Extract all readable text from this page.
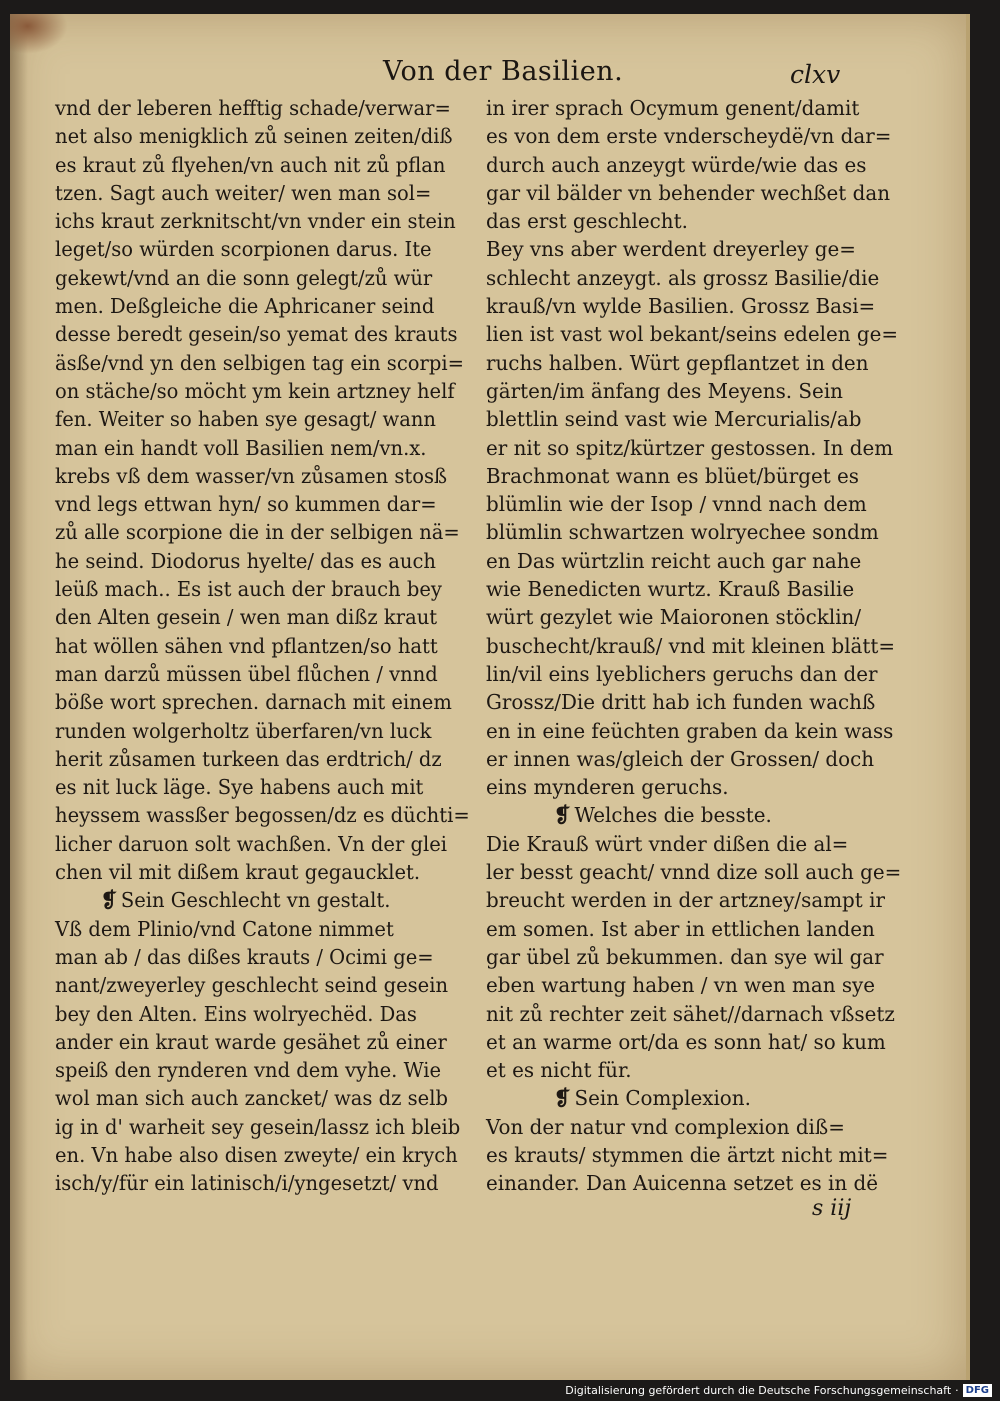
Von der Basilien.	clxv
vnd der leberen hefftig schade/verwar=
net also menigklich zů seinen zeiten/diß
es kraut zů flyehen/vn auch nit zů pflan
tzen. Sagt auch weiter/ wen man sol=
ichs kraut zerknitscht/vn vnder ein stein
leget/so würden scorpionen darus. Ite
gekewt/vnd an die sonn gelegt/zů wür
men. Deßgleiche die Aphricaner seind
desse beredt gesein/so yemat des krauts
äsße/vnd yn den selbigen tag ein scorpi=
on stäche/so möcht ym kein artzney helf
fen. Weiter so haben sye gesagt/ wann
man ein handt voll Basilien nem/vn.x.
krebs vß dem wasser/vn zůsamen stosß
vnd legs ettwan hyn/ so kummen dar=
zů alle scorpione die in der selbigen nä=
he seind. Diodorus hyelte/ das es auch
leüß mach.. Es ist auch der brauch bey
den Alten gesein / wen man dißz kraut
hat wöllen sähen vnd pflantzen/so hatt
man darzů müssen übel flůchen / vnnd
böße wort sprechen. darnach mit einem
runden wolgerholtz überfaren/vn luck
herit zůsamen turkeen das erdtrich/ dz
es nit luck läge. Sye habens auch mit
heyssem wassßer begossen/dz es düchti=
licher daruon solt wachßen. Vn der glei
chen vil mit dißem kraut gegaucklet.
❡ Sein Geschlecht vn gestalt.
Vß dem Plinio/vnd Catone nimmet
man ab / das dißes krauts / Ocimi ge=
nant/zweyerley geschlecht seind gesein
bey den Alten. Eins wolryechëd. Das
ander ein kraut warde gesähet zů einer
speiß den rynderen vnd dem vyhe. Wie
wol man sich auch zancket/ was dz selb
ig in d' warheit sey gesein/lassz ich bleib
en. Vn habe also disen zweyte/ ein krych
isch/y/für ein latinisch/i/yngesetzt/ vnd
in irer sprach Ocymum genent/damit
es von dem erste vnderscheydë/vn dar=
durch auch anzeygt würde/wie das es
gar vil bälder vn behender wechßet dan
das erst geschlecht.
Bey vns aber werdent dreyerley ge=
schlecht anzeygt. als grossz Basilie/die
krauß/vn wylde Basilien. Grossz Basi=
lien ist vast wol bekant/seins edelen ge=
ruchs halben. Würt gepflantzet in den
gärten/im änfang des Meyens. Sein
blettlin seind vast wie Mercurialis/ab
er nit so spitz/kürtzer gestossen. In dem
Brachmonat wann es blüet/bürget es
blümlin wie der Isop / vnnd nach dem
blümlin schwartzen wolryechee sondm
en Das würtzlin reicht auch gar nahe
wie Benedicten wurtz. Krauß Basilie
würt gezylet wie Maioronen stöcklin/
buschecht/krauß/ vnd mit kleinen blätt=
lin/vil eins lyeblichers geruchs dan der
Grossz/Die dritt hab ich funden wachß
en in eine feüchten graben da kein wass
er innen was/gleich der Grossen/ doch
eins mynderen geruchs.
❡ Welches die besste.
Die Krauß würt vnder dißen die al=
ler besst geacht/ vnnd dize soll auch ge=
breucht werden in der artzney/sampt ir
em somen. Ist aber in ettlichen landen
gar übel zů bekummen. dan sye wil gar
eben wartung haben / vn wen man sye
nit zů rechter zeit sähet//darnach vßsetz
et an warme ort/da es sonn hat/ so kum
et es nicht für.
❡ Sein Complexion.
Von der natur vnd complexion diß=
es krauts/ stymmen die ärtzt nicht mit=
einander. Dan Auicenna setzet es in dë
s iij
Digitalisierung gefördert durch die Deutsche Forschungsgemeinschaft · DFG
